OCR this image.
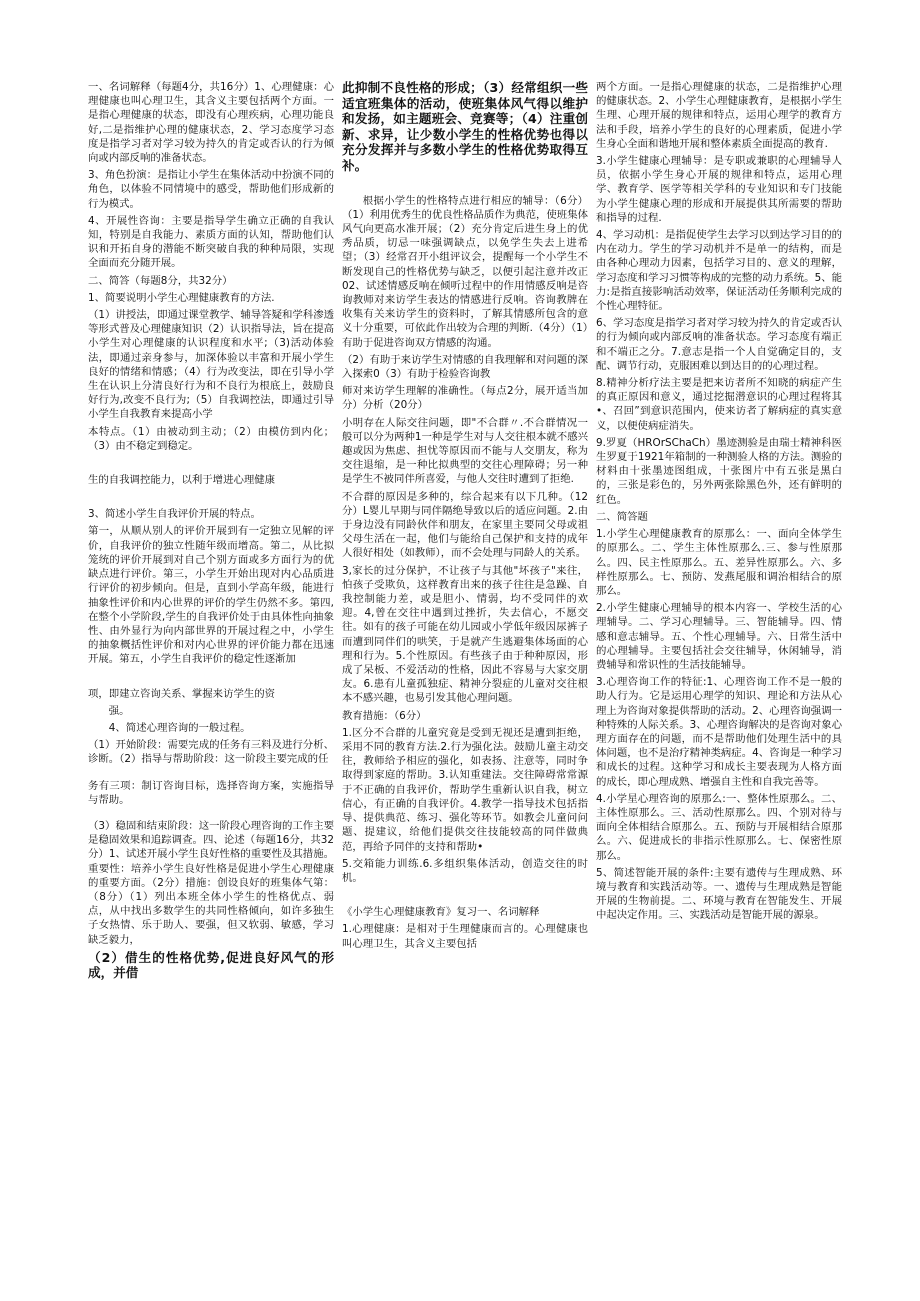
一、名词解释（每题4分，共16分）1、心理健康：心理健康也叫心理卫生，其含义主要包括两个方面。一是指心理健康的状态，即没有心理疾病，心理功能良好,二是指维护心理的健康状态，2、学习态度学习态度是指学习者对学习较为持久的肯定或否认的行为倾向或内部反响的准备状态。

3、角色扮演：是指让小学生在集体活动中扮演不同的角色，以体验不同情境中的感受，帮助他们形成新的行为模式。

4、开展性咨询：主要是指导学生确立正确的自我认知，特别是自我能力、素质方面的认知，帮助他们认识和开拓自身的潜能不断突破自我的种种局限，实现全面而充分随开展。

二、简答（每题8分，共32分）

1、简要说明小学生心理健康教育的方法.

（1）讲授法，即通过课堂教学、辅导答疑和学科渗透等形式普及心理健康知识（2）认识指导法，旨在提高小学生对心理健康的认识程度和水平;（3)活动体验法，即通过亲身参与，加深体验以丰富和开展小学生良好的情绪和情感；（4）行为改变法，即在引导小学生在认识上分清良好行为和不良行为根底上，鼓励良好行为,改变不良行为;（5）自我调控法，即通过引导小学生自我教育来提高小学

本特点。（1）由被动到主动；（2）由模仿到内化；（3）由不稳定到稳定。

生的自我调控能力，以利于增进心理健康

3、简述小学生自我评价开展的特点。

第一，从顺从别人的评价开展到有一定独立见解的评价，自我评价的独立性随年级而增高。第二，从比拟笼统的评价开展到对自己个别方面或多方面行为的优缺点进行评价。第三，小学生开始出现对内心品质进行评价的初步倾向。但是，直到小学高年级，能进行抽象性评价和内心世界的评价的学生仍然不多。第四,在整个小学阶段,学生的自我评价处于由具体性向抽象性、由外显行为向内部世界的开展过程之中，小学生的抽象概括性评价和对内心世界的评价能力都在迅速开展。第五，小学生自我评价的稳定性逐渐加

项，即建立咨询关系、掌握来访学生的资

强。

4、简述心理咨询的一般过程。

（1）开始阶段：需要完成的任务有三料及进行分析、诊断。（2）指导与帮助阶段：这一阶段主要完成的任

务有三项：制订咨询目标，选择咨询方案，实施指导与帮助。

（3）稳固和结束阶段：这一阶段心理咨询的工作主要是稳固效果和追踪调查。四、论述（每题16分，共32分）1、试述开展小学生良好性格的重要性及其措施。重要性：培养小学生良好性格是促进小学生心理健康的重要方面。（2分）措施：创设良好的班集体气第：（8分）（1）列出本班全体小学生的性格优点、弱点，从中找出多数学生的共同性格倾向，如许多独生子女热情、乐于助人、要强，但又软弱、敏感，学习缺乏毅力，

（2）借生的性格优势,促进良好风气的形成，并借

此抑制不良性格的形成；（3）经常组织一些适宜班集体的活动，使班集体风气得以维护和发扬，如主题班会、竞赛等；（4）注重创新、求异，让少数小学生的性格优势也得以充分发挥并与多数小学生的性格优势取得互补。

根据小学生的性格特点进行相应的辅导：（6分）（1）利用优秀生的优良性格品质作为典范，使班集体风气向更高水准开展；（2）充分肯定后进生身上的优秀品质，切忌一味强调缺点，以免学生失去上进希望；（3）经常召开小组评议会，提醒每一个小学生不断发现自己的性格优势与缺乏，以便引起注意并改正02、试述情感反响在倾听过程中的作用情感反响是咨询教师对来访学生表达的情感进行反响。咨询教牌在收集有关来访学生的资料时，了解其情感所包含的意义十分重要，可依此作出较为合理的判断.（4分）（1）有助于促进咨询双方情感的沟通。

（2）有助于来访学生对情感的自我理解和对问题的深入探索0（3）有助于检验咨询教

师对来访学生理解的准确性。（每点2分，展开适当加分）分析（20分）

小明存在人际交往问题，即"不合群〃.不合群情况一般可以分为两种1一种是学生对与人交往根本就不感兴趣或因为焦虑、担忧等原因而不能与人交朋友，称为交往退缩，是一种比拟典型的交往心理障碍；另一种是学生不被同伴所喜爱，与他人交往时遭到了拒绝.

不合群的原因是多种的，综合起来有以下几种。（12分）L婴儿早期与同伴隔绝导致以后的适应问题。2.由于身边没有同龄伙伴和朋友，在家里主要同父母或祖父母生活在一起，他们与能给自己保护和支持的成年人很好相处（如教师），而不会处理与同龄人的关系。

3,家长的过分保护，不让孩子与其他"坏孩子"来往，怕孩子受欺负，这样教育出来的孩子往往是急躁、自我控制能力差，或是胆小、情弱，均不受同伴的欢迎。4,曾在交往中遇到过挫折，失去信心，不愿交往。如有的孩子可能在幼儿园或小学低年级因尿裤子而遭到同伴们的哄笑，于是就产生逃避集体场面的心理和行为。5.个性原因。有些孩子由于种种原因，形成了呆板、不爱活动的性格，因此不容易与大家交朋友。6.患有儿童孤独症、精神分裂症的儿童对交往根本不感兴趣，也易引发其他心理问题。

教育措施：（6分）

1.区分不合群的儿童究竟是受到无视还是遭到拒绝，采用不同的教育方法.2.行为强化法。鼓励儿童主动交往，教师给予相应的强化，如表扬、注意等，同时争取得到家庭的帮助。3.认知重建法。交往障碍常常源于不正确的自我评价，帮助学生重新认识自我，树立信心，有正确的自我评价。4.教学一指导技术包括指导、提供典范、练习、强化等环节。如教会儿童问问题、提建议，给他们提供交往技能较高的同伴做典范，再给予同伴的支持和帮助•

5.交箱能力训练.6.多组织集体活动，创造交往的时机。

《小学生心理健康教育》复习一、名词解释

1.心理健康：是相对于生理健康而言的。心理健康也叫心理卫生，其含义主要包括

两个方面。一是指心理健康的状态，二是指维护心理的健康状态。2、小学生心理健康教育，是根据小学生生理、心理开展的规律和特点，运用心理学的教育方法和手段，培养小学生的良好的心理素质，促进小学生身心全面和谐地开展和整体素质全面提高的教育.

3.小学生健康心理辅导：是专职或兼职的心理辅导人员，依据小学生身心开展的规律和特点，运用心理学、教育学、医学等相关学科的专业知识和专门技能为小学生健康心理的形成和开展提供其所需要的帮助和指导的过程.

4、学习动机：是指促使学生去学习以到达学习目的的内在动力。学生的学习动机并不是单一的结构，而是由各种心理动力因素，包括学习目的、意义的理解，学习态度和学习习惯等构成的完整的动力系统。5、能力:是指直接影响活动效率，保证活动任务顺利完成的个性心理特征。

6、学习态度是指学习者对学习较为持久的肯定或否认的行为倾向或内部反响的准备状态。学习态度有端正和不端正之分。7.意志是指一个人自觉确定目的，支配、调节行动，克服困难以到达目的的心理过程。

8.精神分析疗法主要是把来访者所不知晓的病症产生的真正原因和意义，通过挖掘潜意识的心理过程将其•、召回”到意识范围内，使来访者了解病症的真实意义，以便使病症消失。

9.罗夏（HROrSChaCh）墨迹测验是由瑞士精神科医生罗夏于1921年箱制的一种测验人格的方法。测验的材料由十张墨迹图组成，十张图片中有五张是黑白的，三张是彩色的，另外两张除黑色外，还有鲜明的红色。

二、简答题

1.小学生心理健康教育的原那么：一、面向全体学生的原那么。二、学生主体性原那么.三、参与性原那么。四、民主性原那么。五、差异性原那么。六、多样性原那么。七、预防、发燕尾服和调治相结合的原那么。

2.小学生健康心理辅导的根本内容一、学校生活的心理辅导。二、学习心理辅导。三、智能辅导。四、情感和意志辅导。五、个性心理辅导。六、日常生活中的心理辅导。主要包括社会交往辅导，休闲辅导，消费辅导和常识性的生活技能辅导。

3.心理咨询工作的特征:1、心理咨询工作不是一般的助人行为。它是运用心理学的知识、理论和方法从心理上为咨询对象提供帮助的活动。2、心理咨询强调一种特殊的人际关系。3、心理咨询解决的是咨询对象心理方面存在的问题，而不是帮助他们处理生活中的具体问题，也不是治疗精神类病症。4、咨询是一种学习和成长的过程。这种学习和成长主要表现为人格方面的成长，即心理成熟、增强自主性和自我完善等。

4.小学星心理咨询的原那么:一、整体性原那么。二、主体性原那么。三、活动性原那么。四、个别对待与面向全体相结合原那么。五、预防与开展相结合原那么。六、促进成长的非指示性原那么。七、保密性原那么。

5、简述智能开展的条件:主要有遗传与生理成熟、环境与教育和实践活动等。一、遗传与生理成熟是智能开展的生物前提。二、环境与教育在智能发生、开展中起决定作用。三、实践活动是智能开展的源泉。
